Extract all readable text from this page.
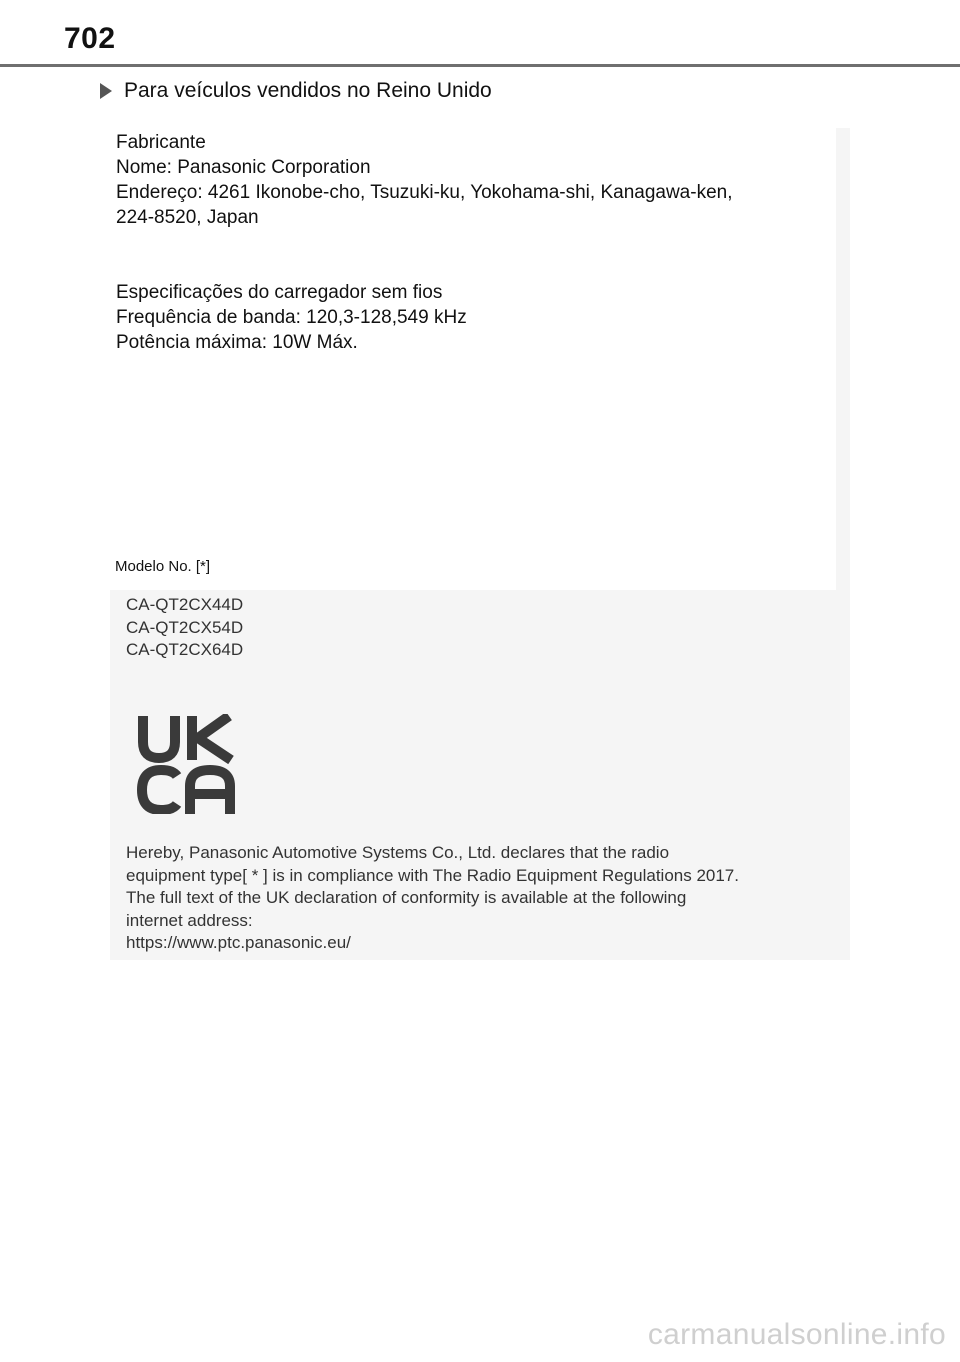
702
Para veículos vendidos no Reino Unido
Fabricante
Nome: Panasonic Corporation
Endereço: 4261 Ikonobe-cho, Tsuzuki-ku, Yokohama-shi, Kanagawa-ken,
224-8520, Japan
Especificações do carregador sem fios
Frequência de banda: 120,3-128,549 kHz
Potência máxima: 10W Máx.
Modelo No. [*]
CA-QT2CX44D
CA-QT2CX54D
CA-QT2CX64D
Hereby, Panasonic Automotive Systems Co., Ltd. declares that the radio
equipment type[ * ] is in compliance with The Radio Equipment Regulations 2017.
The full text of the UK declaration of conformity is available at the following
internet address:
https://www.ptc.panasonic.eu/
carmanualsonline.info
